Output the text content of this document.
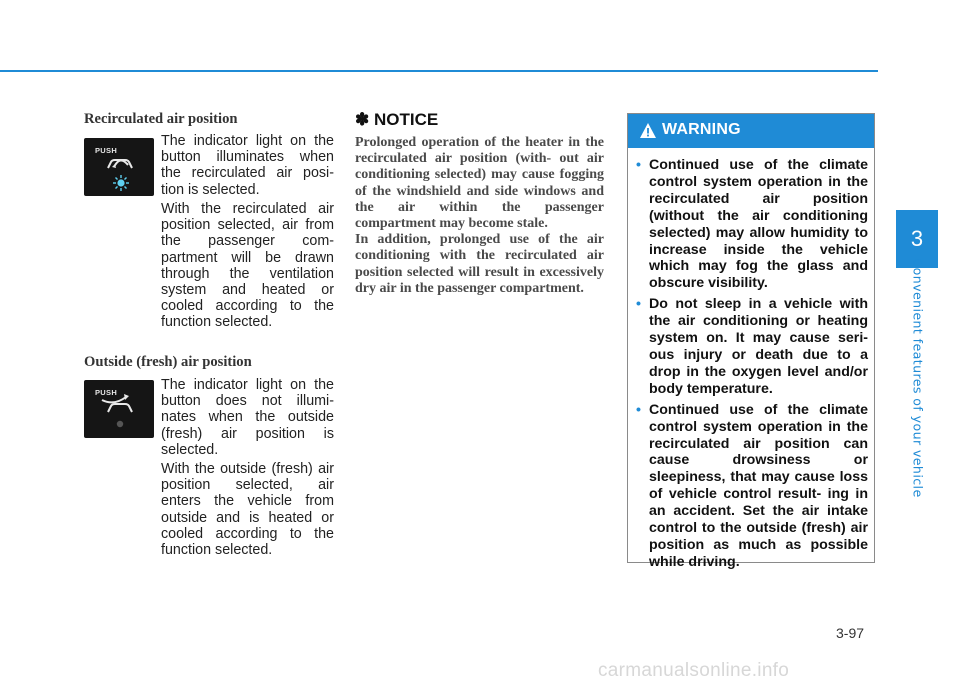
3
Convenient features of your vehicle
Recirculated air position
PUSH

The indicator light on the button illuminates when the recirculated air posi- tion is selected.

With the recirculated air position selected, air from the passenger com- partment will be drawn through the ventilation system and heated or cooled according to the function selected.

Outside (fresh) air position
PUSH	The indicator light on the button does not illumi- nates when the outside (fresh) air position is selected.

With the outside (fresh) air position selected, air enters the vehicle from outside and is heated or cooled according to the function selected.

✽ NOTICE

Prolonged operation of the heater in the recirculated air position (with- out air conditioning selected) may cause fogging of the windshield and side windows and the air within the passenger compartment may become stale.

In addition, prolonged use of the air conditioning with the recirculated air position selected will result in excessively dry air in the passenger compartment.

WARNING
• Continued use of the climate control system operation in the recirculated air position (without the air conditioning selected) may allow humidity to increase inside the vehicle which may fog the glass and obscure visibility.
• Do not sleep in a vehicle with the air conditioning or heating system on. It may cause seri- ous injury or death due to a drop in the oxygen level and/or body temperature.
• Continued use of the climate control system operation in the recirculated air position can cause drowsiness or sleepiness, that may cause loss of vehicle control result- ing in an accident. Set the air intake control to the outside (fresh) air position as much as possible while driving.
3-97
carmanualsonline.info
